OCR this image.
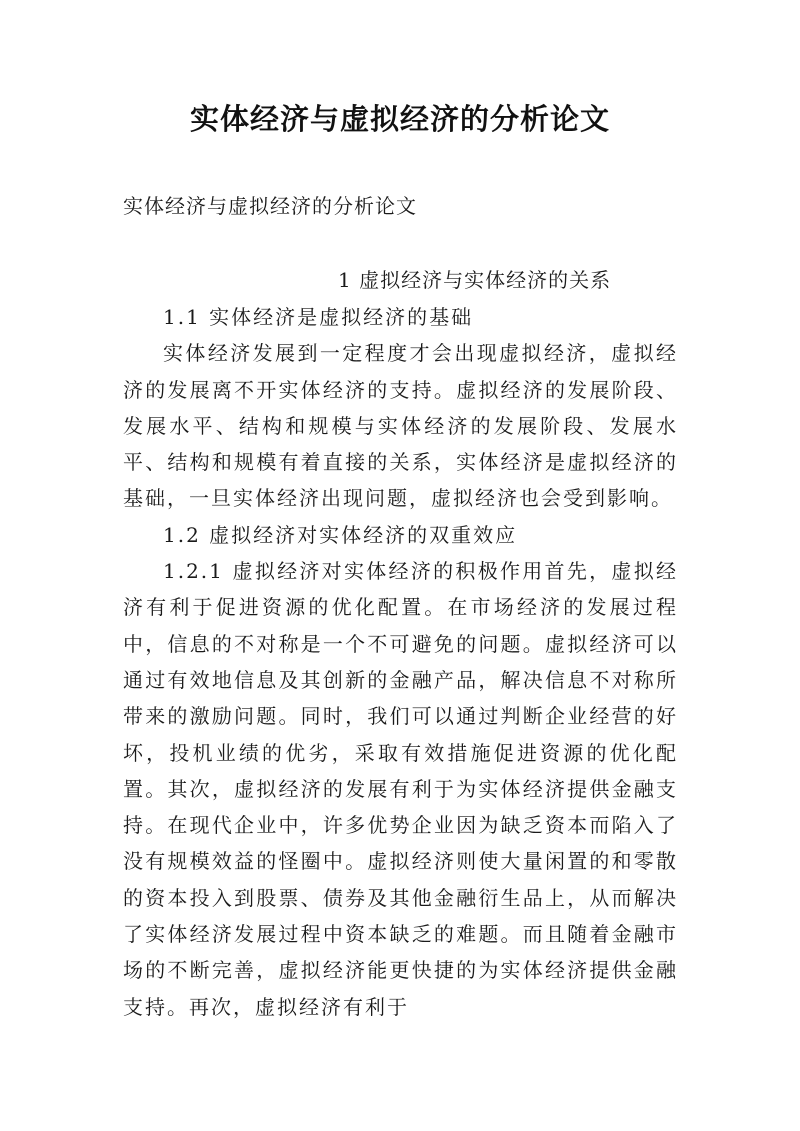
实体经济与虚拟经济的分析论文
实体经济与虚拟经济的分析论文
1 虚拟经济与实体经济的关系

1.1 实体经济是虚拟经济的基础

实体经济发展到一定程度才会出现虚拟经济，虚拟经济的发展离不开实体经济的支持。虚拟经济的发展阶段、发展水平、结构和规模与实体经济的发展阶段、发展水平、结构和规模有着直接的关系，实体经济是虚拟经济的基础，一旦实体经济出现问题，虚拟经济也会受到影响。

1.2 虚拟经济对实体经济的双重效应

1.2.1 虚拟经济对实体经济的积极作用首先，虚拟经济有利于促进资源的优化配置。在市场经济的发展过程中，信息的不对称是一个不可避免的问题。虚拟经济可以通过有效地信息及其创新的金融产品，解决信息不对称所带来的激励问题。同时，我们可以通过判断企业经营的好坏，投机业绩的优劣，采取有效措施促进资源的优化配置。其次，虚拟经济的发展有利于为实体经济提供金融支持。在现代企业中，许多优势企业因为缺乏资本而陷入了没有规模效益的怪圈中。虚拟经济则使大量闲置的和零散的资本投入到股票、债券及其他金融衍生品上，从而解决了实体经济发展过程中资本缺乏的难题。而且随着金融市场的不断完善，虚拟经济能更快捷的为实体经济提供金融支持。再次，虚拟经济有利于
